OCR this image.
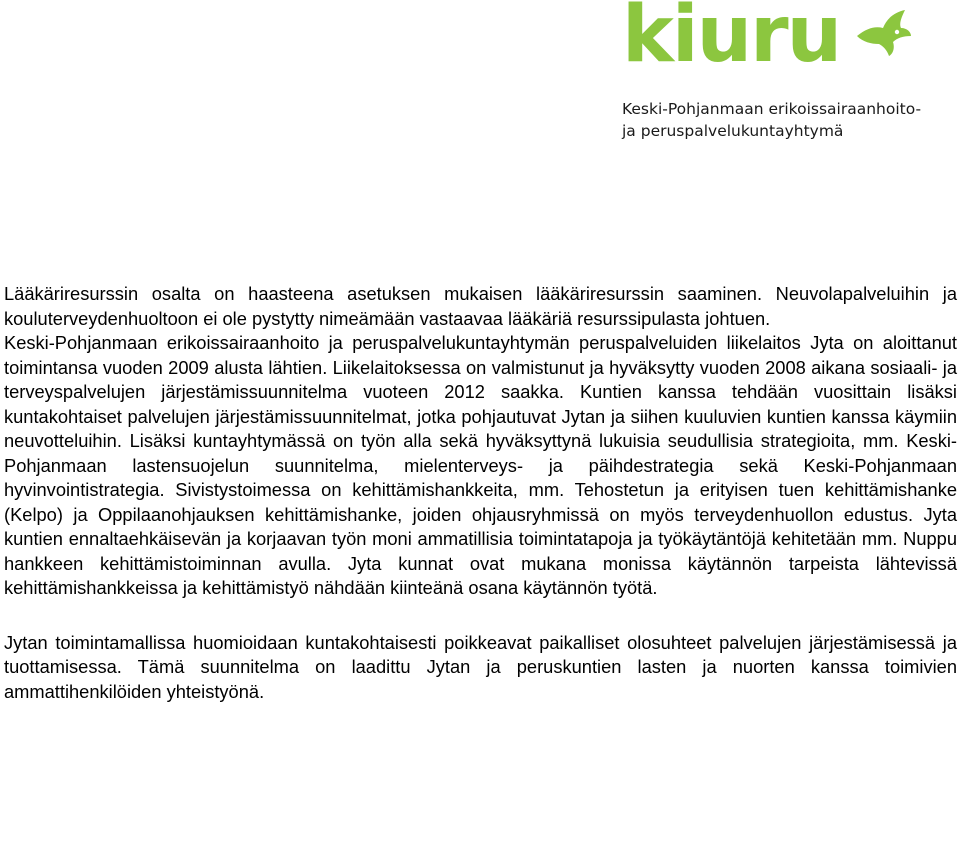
kiuru
Keski-Pohjanmaan erikoissairaanhoito-
ja peruspalvelukuntayhtymä

Lääkäriresurssin osalta on haasteena asetuksen mukaisen lääkäriresurssin saaminen. Neuvolapalveluihin ja kouluterveydenhuoltoon ei ole pystytty nimeämään vastaavaa lääkäriä resurssipulasta johtuen.

Keski-Pohjanmaan erikoissairaanhoito ja peruspalvelukuntayhtymän peruspalveluiden liikelaitos Jyta on aloittanut toimintansa vuoden 2009 alusta lähtien. Liikelaitoksessa on valmistunut ja hyväksytty vuoden 2008 aikana sosiaali- ja terveyspalvelujen järjestämissuunnitelma vuoteen 2012 saakka. Kuntien kanssa tehdään vuosittain lisäksi kuntakohtaiset palvelujen järjestämissuunnitelmat, jotka pohjautuvat Jytan ja siihen kuuluvien kuntien kanssa käymiin neuvotteluihin. Lisäksi kuntayhtymässä on työn alla sekä hyväksyttynä lukuisia seudullisia strategioita, mm. Keski-Pohjanmaan lastensuojelun suunnitelma, mielenterveys- ja päihdestrategia sekä Keski-Pohjanmaan hyvinvointistrategia. Sivistystoimessa on kehittämishankkeita, mm. Tehostetun ja erityisen tuen kehittämishanke (Kelpo) ja Oppilaanohjauksen kehittämishanke, joiden ohjausryhmissä on myös terveydenhuollon edustus. Jyta kuntien ennaltaehkäisevän ja korjaavan työn moni ammatillisia toimintatapoja ja työkäytäntöjä kehitetään mm. Nuppu hankkeen kehittämistoiminnan avulla. Jyta kunnat ovat mukana monissa käytännön tarpeista lähtevissä kehittämishankkeissa ja kehittämistyö nähdään kiinteänä osana käytännön työtä.

Jytan toimintamallissa huomioidaan kuntakohtaisesti poikkeavat paikalliset olosuhteet palvelujen järjestämisessä ja tuottamisessa. Tämä suunnitelma on laadittu Jytan ja peruskuntien lasten ja nuorten kanssa toimivien ammattihenkilöiden yhteistyönä.
